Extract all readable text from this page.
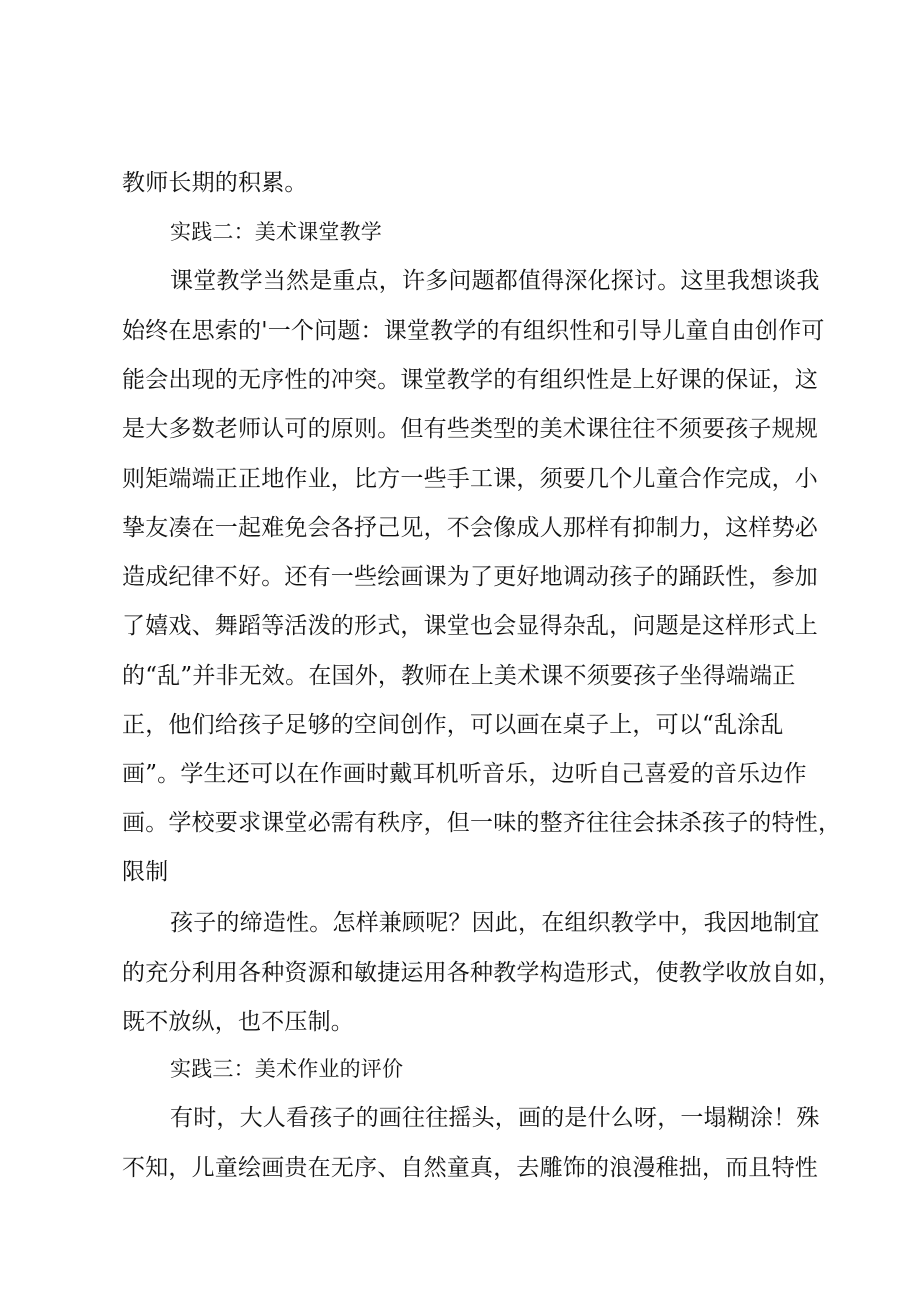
教师长期的积累。
实践二：美术课堂教学
课堂教学当然是重点，许多问题都值得深化探讨。这里我想谈我
始终在思索的'一个问题：课堂教学的有组织性和引导儿童自由创作可
能会出现的无序性的冲突。课堂教学的有组织性是上好课的保证，这
是大多数老师认可的原则。但有些类型的美术课往往不须要孩子规规
则矩端端正正地作业，比方一些手工课，须要几个儿童合作完成，小
挚友凑在一起难免会各抒己见，不会像成人那样有抑制力，这样势必
造成纪律不好。还有一些绘画课为了更好地调动孩子的踊跃性，参加
了嬉戏、舞蹈等活泼的形式，课堂也会显得杂乱，问题是这样形式上
的“乱”并非无效。在国外，教师在上美术课不须要孩子坐得端端正
正，他们给孩子足够的空间创作，可以画在桌子上，可以“乱涂乱
画”。学生还可以在作画时戴耳机听音乐，边听自己喜爱的音乐边作
画。学校要求课堂必需有秩序，但一味的整齐往往会抹杀孩子的特性，
限制
孩子的缔造性。怎样兼顾呢？因此，在组织教学中，我因地制宜
的充分利用各种资源和敏捷运用各种教学构造形式，使教学收放自如，
既不放纵，也不压制。
实践三：美术作业的评价
有时，大人看孩子的画往往摇头，画的是什么呀，一塌糊涂！殊
不知，儿童绘画贵在无序、自然童真，去雕饰的浪漫稚拙，而且特性
